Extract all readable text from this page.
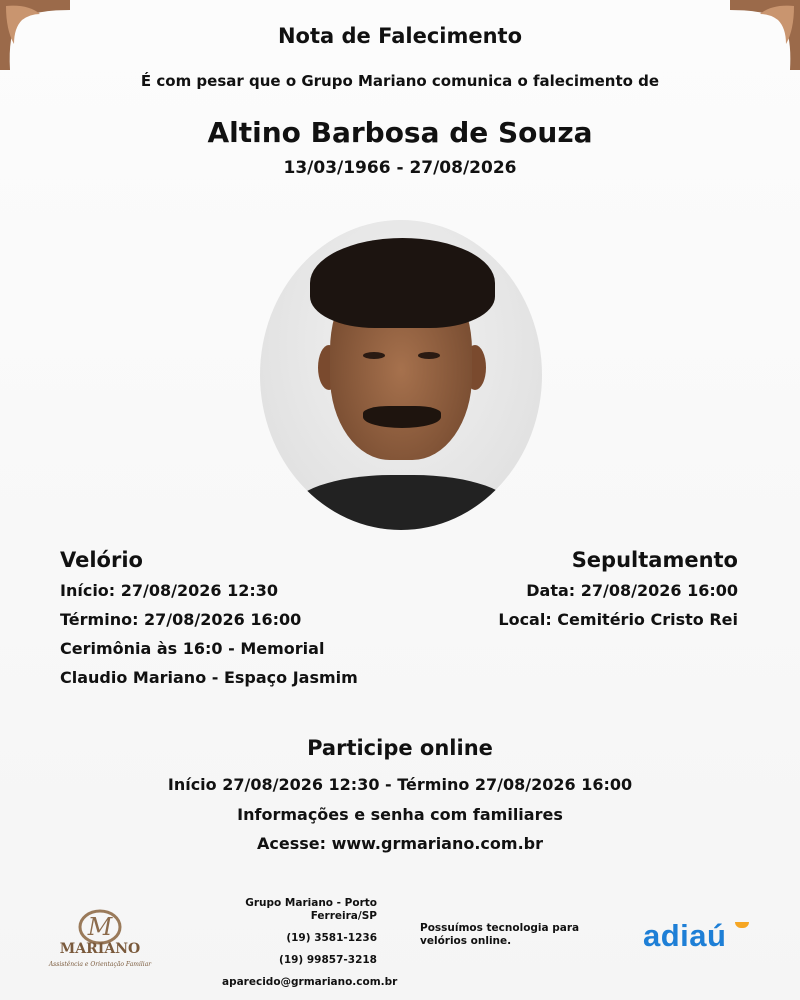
Nota de Falecimento
É com pesar que o Grupo Mariano comunica o falecimento de
Altino Barbosa de Souza
13/03/1966 - 27/08/2026
Velório
Início: 27/08/2026 12:30
Término: 27/08/2026 16:00
Cerimônia às 16:0 - Memorial
Claudio Mariano - Espaço Jasmim
Sepultamento
Data: 27/08/2026 16:00
Local: Cemitério Cristo Rei
Participe online
Início 27/08/2026 12:30 - Término 27/08/2026 16:00
Informações e senha com familiares
Acesse: www.grmariano.com.br
M
MARIANO
Assistência e Orientação Familiar
Grupo Mariano - Porto Ferreira/SP
(19) 3581-1236
(19) 99857-3218
aparecido@grmariano.com.br
Possuímos tecnologia para velórios online.	adiaú
